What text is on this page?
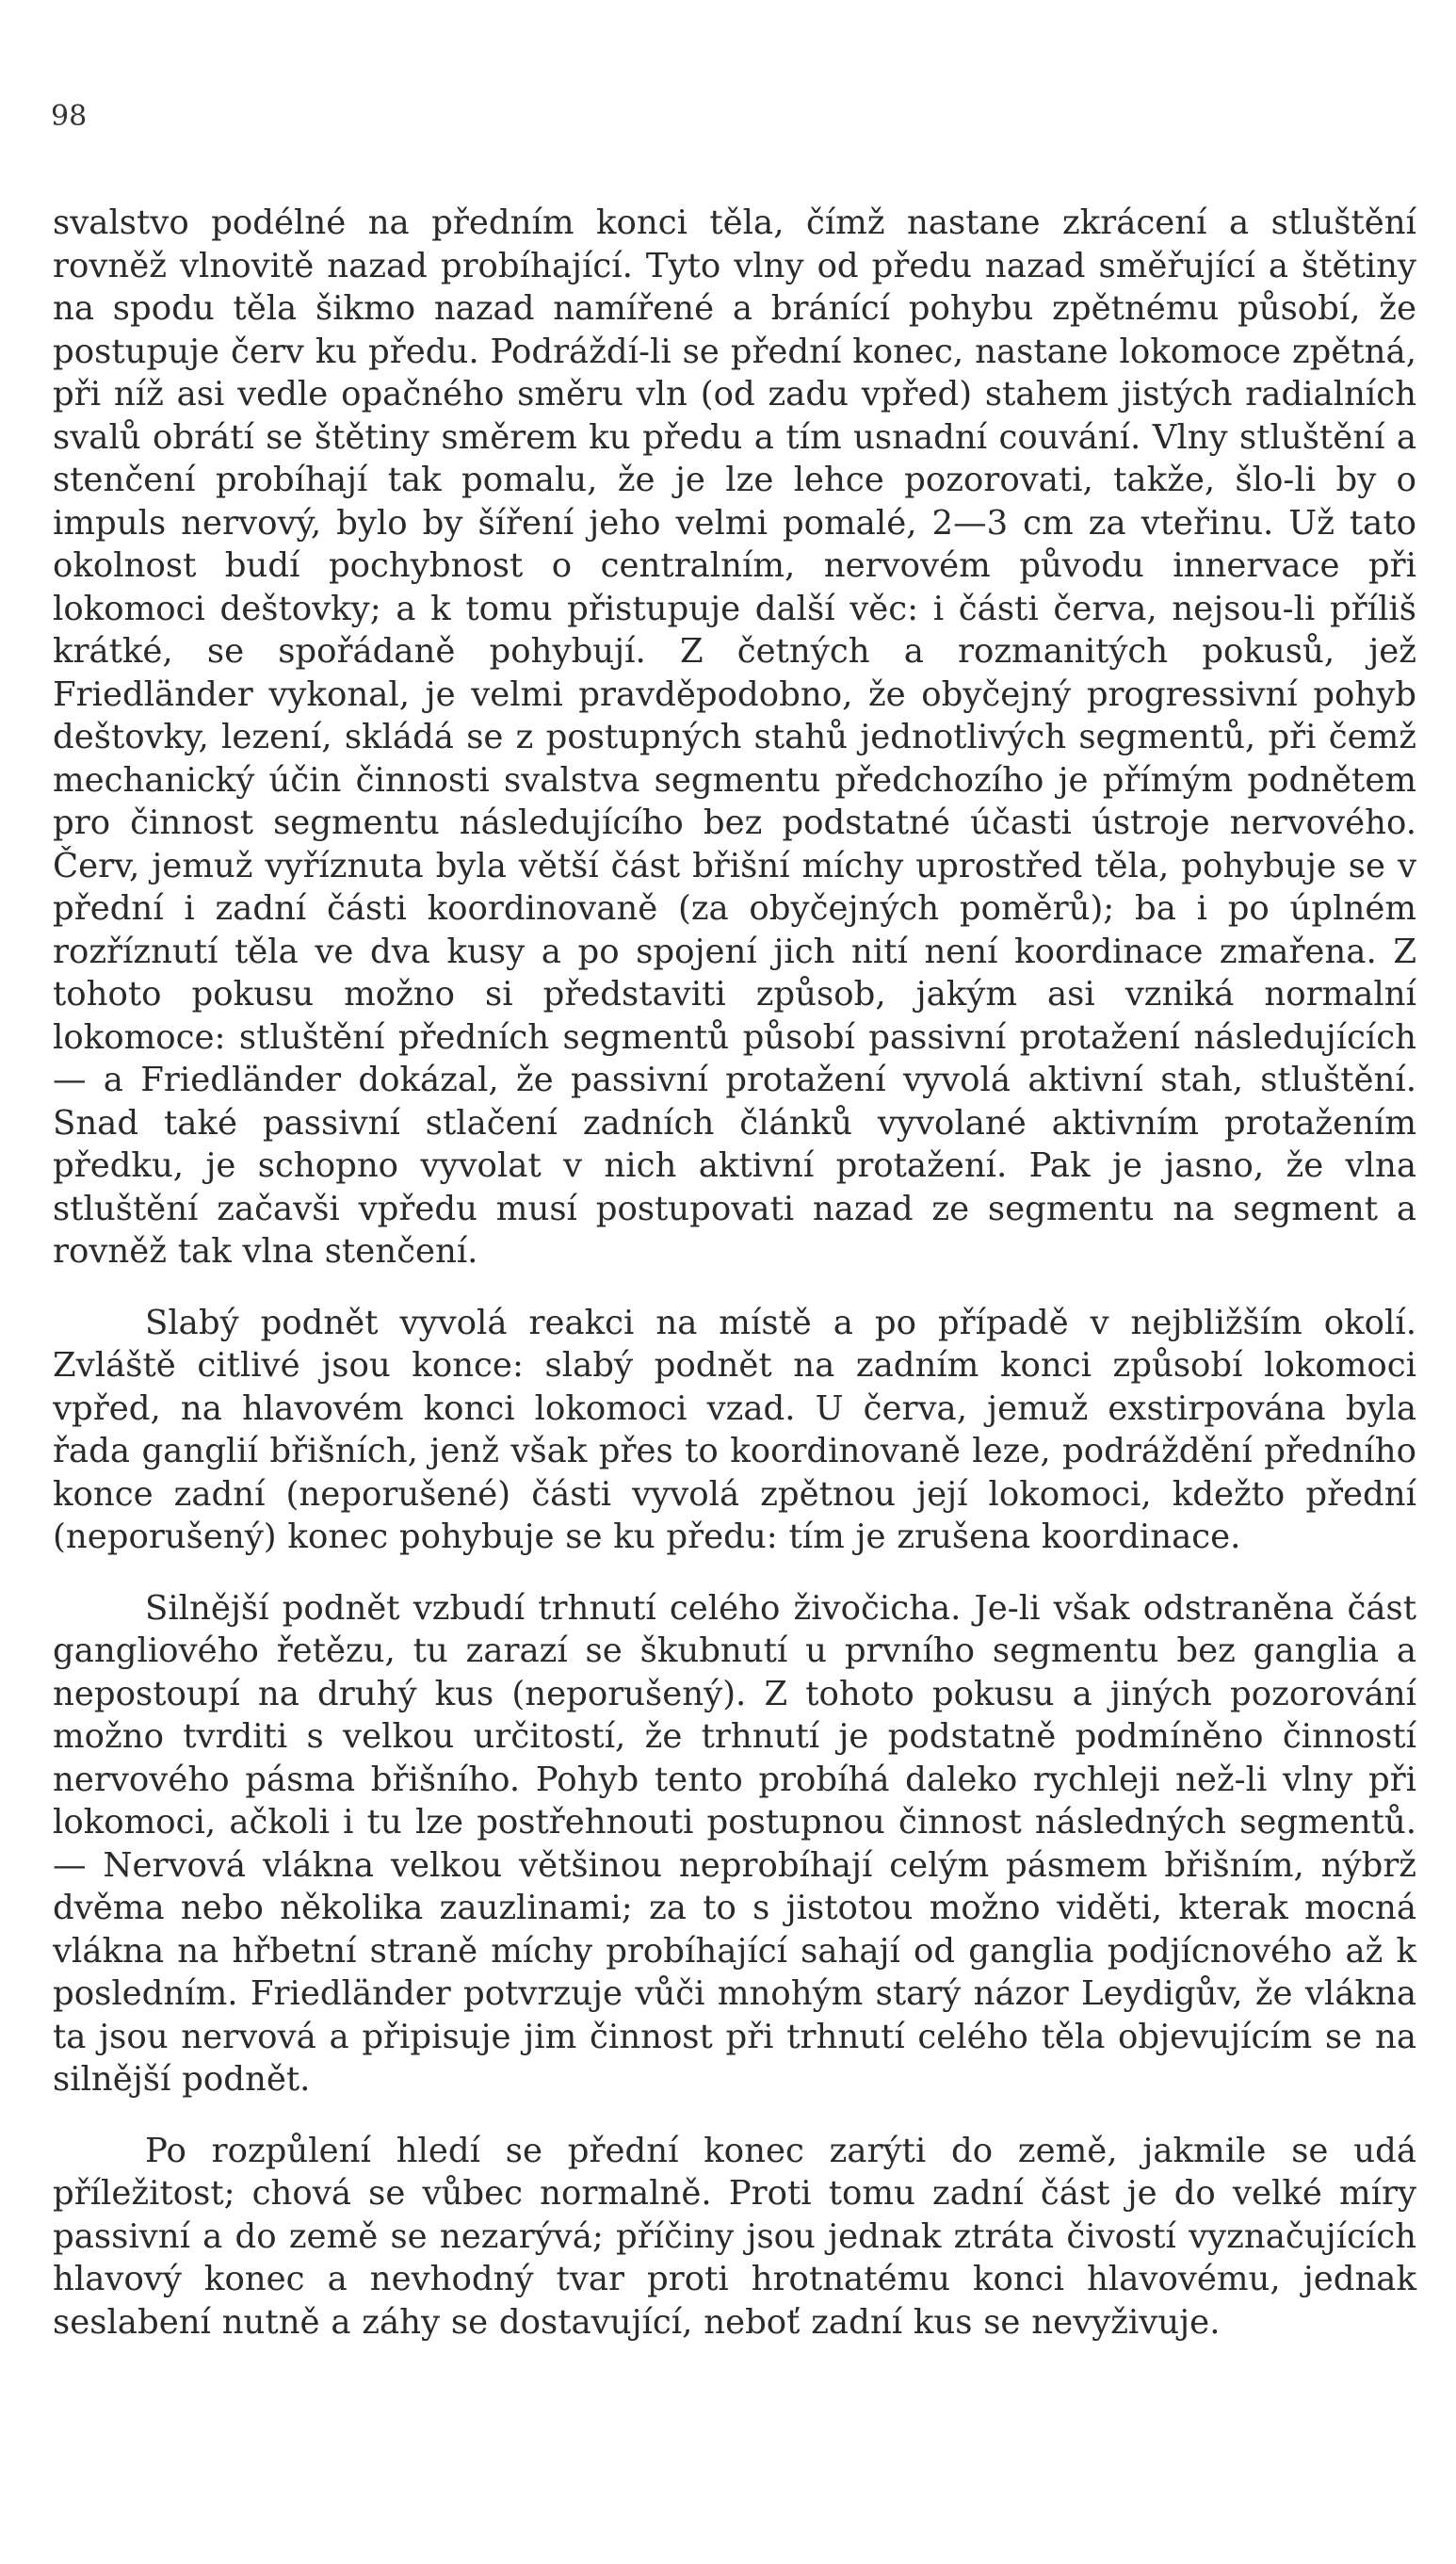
98

svalstvo podélné na předním konci těla, čímž nastane zkrácení a stluštění rovněž vlnovitě nazad probíhající. Tyto vlny od předu nazad směřující a štětiny na spodu těla šikmo nazad namířené a bránící pohybu zpětnému působí, že postupuje červ ku předu. Podráždí-li se přední konec, nastane lokomoce zpětná, při níž asi vedle opačného směru vln (od zadu vpřed) stahem jistých radialních svalů obrátí se štětiny směrem ku předu a tím usnadní couvání. Vlny stluštění a stenčení probíhají tak pomalu, že je lze lehce pozorovati, takže, šlo-li by o impuls nervový, bylo by šíření jeho velmi pomalé, 2—3 cm za vteřinu. Už tato okolnost budí pochybnost o centralním, nervovém původu innervace při lokomoci deštovky; a k tomu přistupuje další věc: i části červa, nejsou-li příliš krátké, se spořádaně pohybují. Z četných a rozmanitých pokusů, jež Friedländer vykonal, je velmi pravděpodobno, že obyčejný progressivní pohyb deštovky, lezení, skládá se z postupných stahů jednotlivých segmentů, při čemž mechanický účin činnosti svalstva segmentu předchozího je přímým podnětem pro činnost segmentu následujícího bez podstatné účasti ústroje nervového. Červ, jemuž vyříznuta byla větší část břišní míchy uprostřed těla, pohybuje se v přední i zadní části koordinovaně (za obyčejných poměrů); ba i po úplném rozříznutí těla ve dva kusy a po spojení jich nití není koordinace zmařena. Z tohoto pokusu možno si představiti způsob, jakým asi vzniká normalní lokomoce: stluštění předních segmentů působí passivní protažení následujících — a Friedländer dokázal, že passivní protažení vyvolá aktivní stah, stluštění. Snad také passivní stlačení zadních článků vyvolané aktivním protažením předku, je schopno vyvolat v nich aktivní protažení. Pak je jasno, že vlna stluštění začavši vpředu musí postupovati nazad ze segmentu na segment a rovněž tak vlna stenčení.

Slabý podnět vyvolá reakci na místě a po případě v nejbližším okolí. Zvláště citlivé jsou konce: slabý podnět na zadním konci způsobí lokomoci vpřed, na hlavovém konci lokomoci vzad. U červa, jemuž exstirpována byla řada ganglií břišních, jenž však přes to koordinovaně leze, podráždění předního konce zadní (neporušené) části vyvolá zpětnou její lokomoci, kdežto přední (neporušený) konec pohybuje se ku předu: tím je zrušena koordinace.

Silnější podnět vzbudí trhnutí celého živočicha. Je-li však odstraněna část gangliového řetězu, tu zarazí se škubnutí u prvního segmentu bez ganglia a nepostoupí na druhý kus (neporušený). Z tohoto pokusu a jiných pozorování možno tvrditi s velkou určitostí, že trhnutí je podstatně podmíněno činností nervového pásma břišního. Pohyb tento probíhá daleko rychleji než-li vlny při lokomoci, ačkoli i tu lze postřehnouti postupnou činnost následných segmentů. — Nervová vlákna velkou většinou neprobíhají celým pásmem břišním, nýbrž dvěma nebo několika zauzlinami; za to s jistotou možno viděti, kterak mocná vlákna na hřbetní straně míchy probíhající sahají od ganglia podjícnového až k posledním. Friedländer potvrzuje vůči mnohým starý názor Leydigův, že vlákna ta jsou nervová a připisuje jim činnost při trhnutí celého těla objevujícím se na silnější podnět.

Po rozpůlení hledí se přední konec zarýti do země, jakmile se udá příležitost; chová se vůbec normalně. Proti tomu zadní část je do velké míry passivní a do země se nezarývá; příčiny jsou jednak ztráta čivostí vyznačujících hlavový konec a nevhodný tvar proti hrotnatému konci hlavovému, jednak seslabení nutně a záhy se dostavující, neboť zadní kus se nevyživuje.
